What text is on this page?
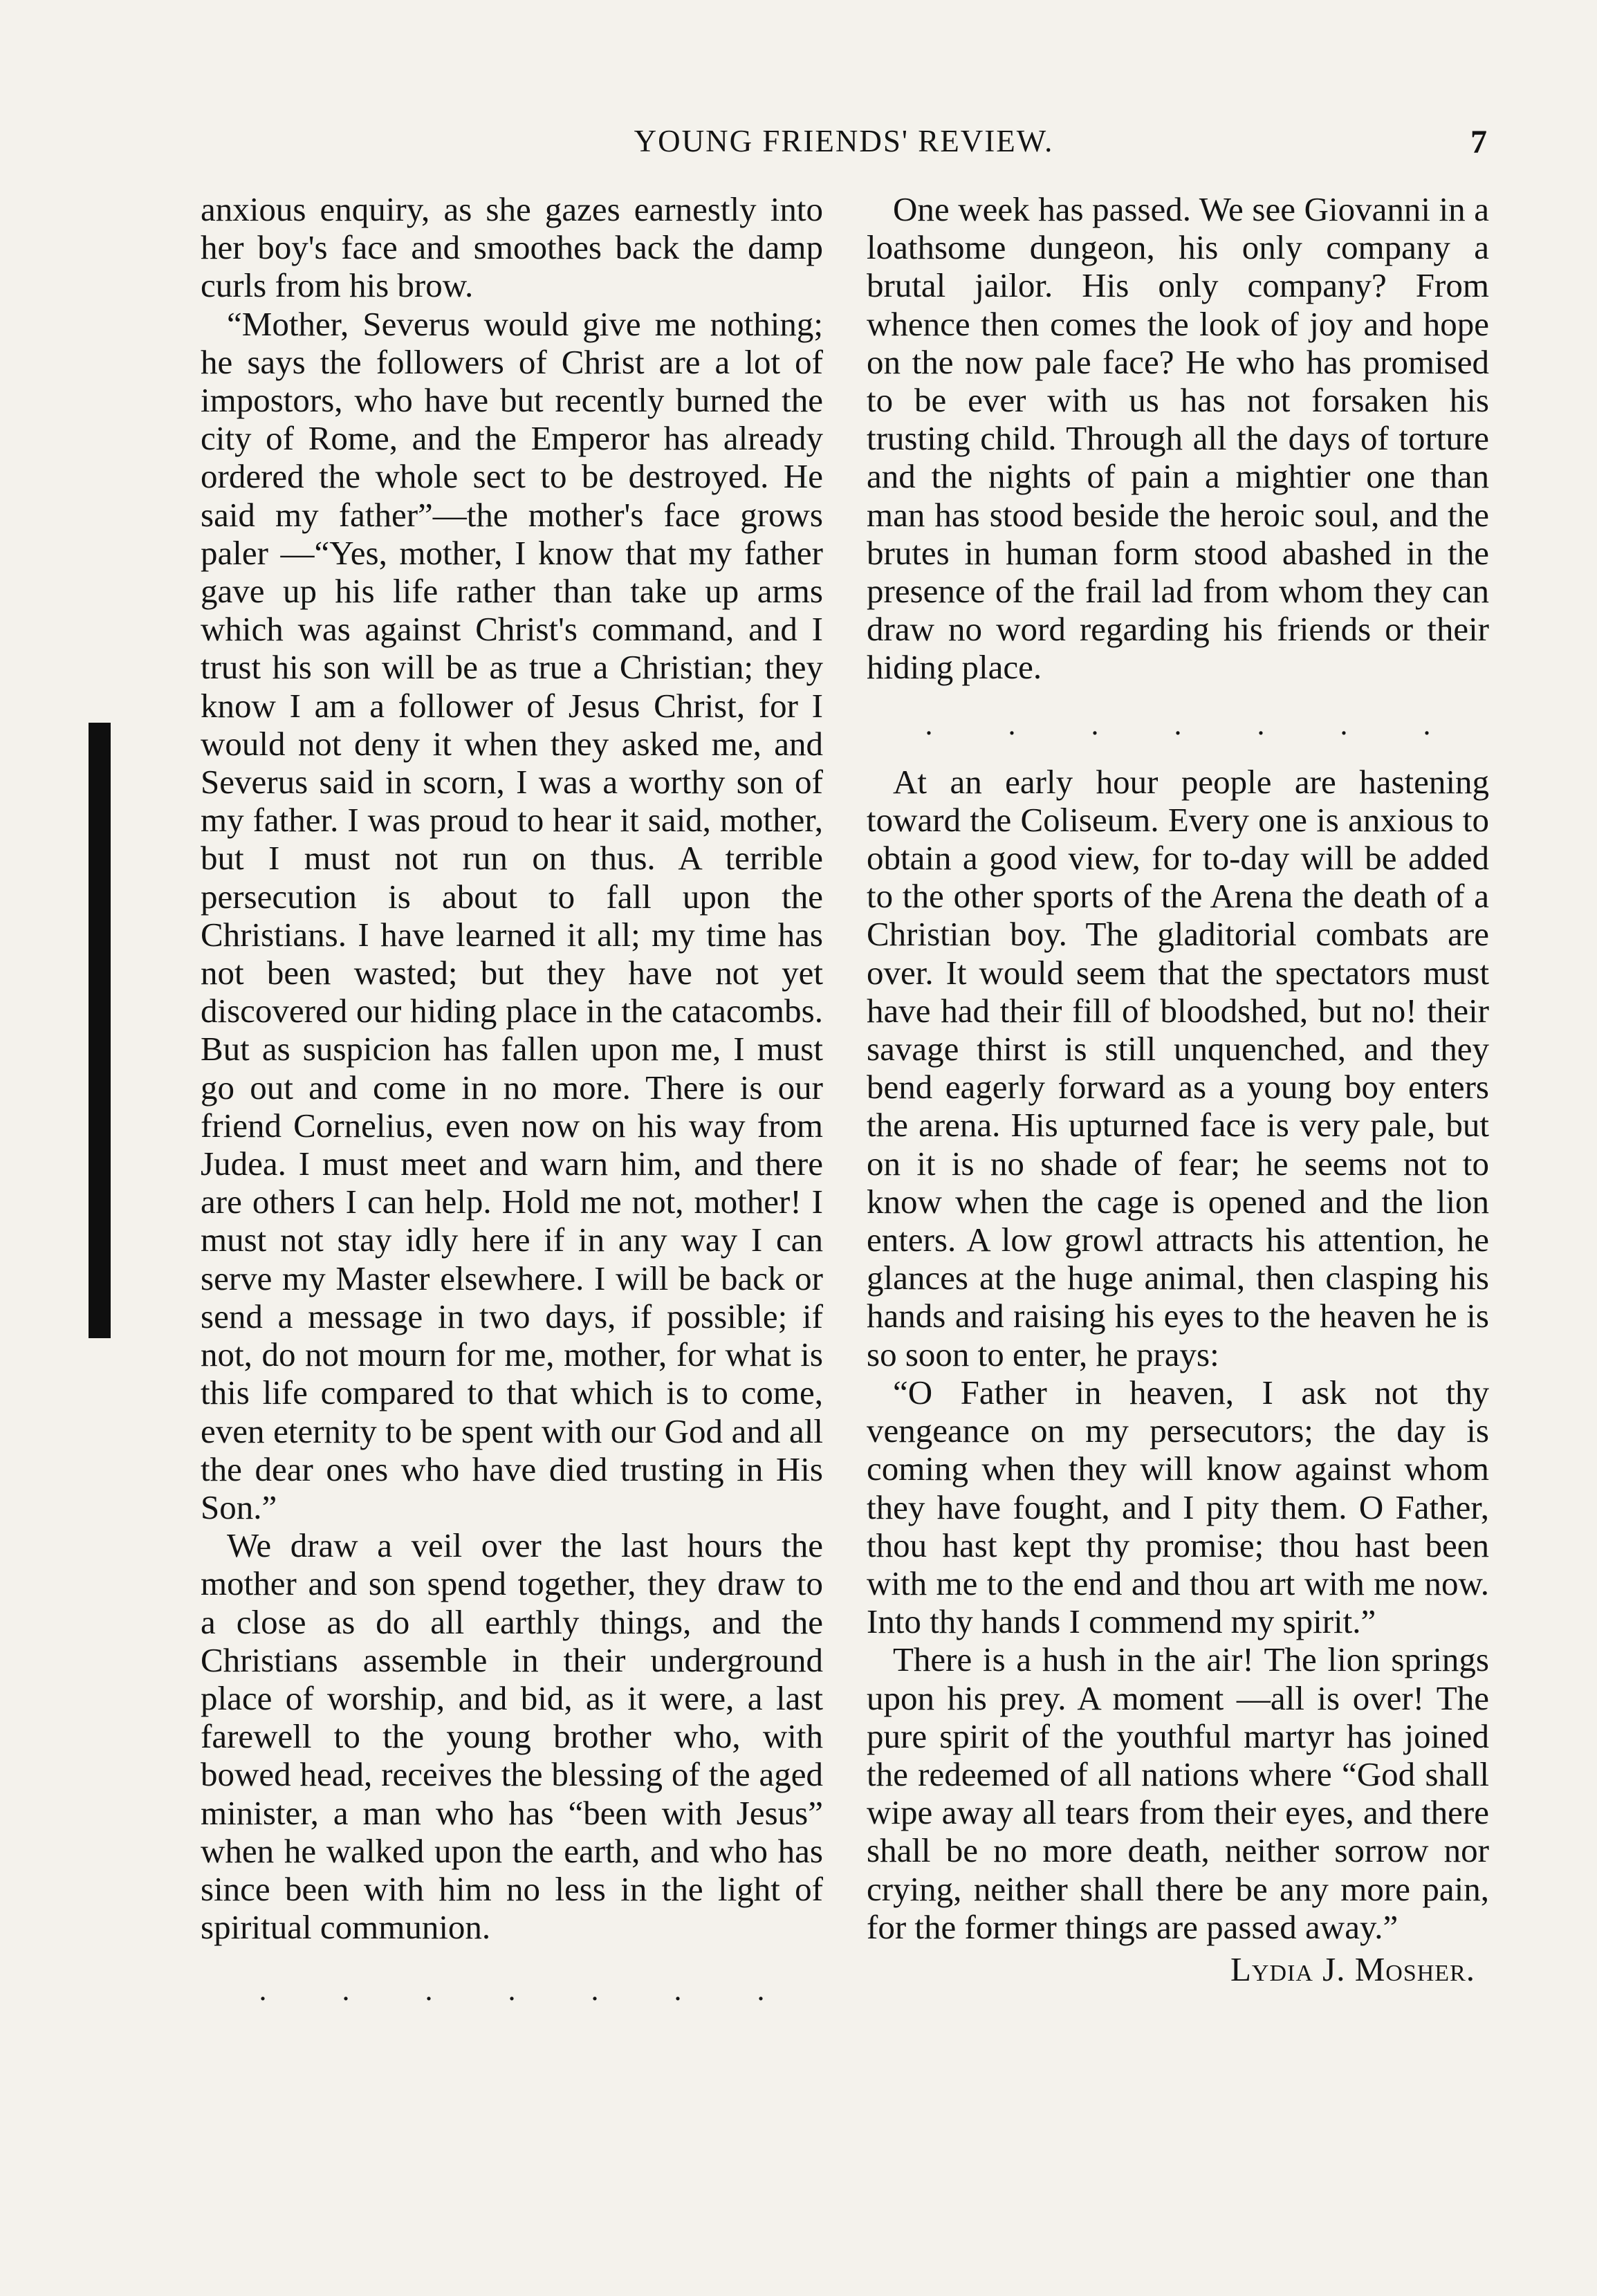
YOUNG FRIENDS' REVIEW.	7

anxious enquiry, as she gazes earnestly into her boy's face and smoothes back the damp curls from his brow.

“Mother, Severus would give me nothing; he says the followers of Christ are a lot of impostors, who have but recently burned the city of Rome, and the Emperor has already ordered the whole sect to be destroyed. He said my father”—the mother's face grows paler —“Yes, mother, I know that my father gave up his life rather than take up arms which was against Christ's command, and I trust his son will be as true a Christian; they know I am a follower of Jesus Christ, for I would not deny it when they asked me, and Severus said in scorn, I was a worthy son of my father. I was proud to hear it said, mother, but I must not run on thus. A terrible persecution is about to fall upon the Christians. I have learned it all; my time has not been wasted; but they have not yet discovered our hiding place in the catacombs. But as suspicion has fallen upon me, I must go out and come in no more. There is our friend Cornelius, even now on his way from Judea. I must meet and warn him, and there are others I can help. Hold me not, mother! I must not stay idly here if in any way I can serve my Master elsewhere. I will be back or send a message in two days, if possible; if not, do not mourn for me, mother, for what is this life compared to that which is to come, even eternity to be spent with our God and all the dear ones who have died trusting in His Son.”

We draw a veil over the last hours the mother and son spend together, they draw to a close as do all earthly things, and the Christians assemble in their underground place of worship, and bid, as it were, a last farewell to the young brother who, with bowed head, receives the blessing of the aged minister, a man who has “been with Jesus” when he walked upon the earth, and who has since been with him no less in the light of spiritual communion.

. . . . . . .

One week has passed. We see Giovanni in a loathsome dungeon, his only company a brutal jailor. His only company? From whence then comes the look of joy and hope on the now pale face? He who has promised to be ever with us has not forsaken his trusting child. Through all the days of torture and the nights of pain a mightier one than man has stood beside the heroic soul, and the brutes in human form stood abashed in the presence of the frail lad from whom they can draw no word regarding his friends or their hiding place.

. . . . . . .

At an early hour people are hastening toward the Coliseum. Every one is anxious to obtain a good view, for to-day will be added to the other sports of the Arena the death of a Christian boy. The gladitorial combats are over. It would seem that the spectators must have had their fill of bloodshed, but no! their savage thirst is still unquenched, and they bend eagerly forward as a young boy enters the arena. His upturned face is very pale, but on it is no shade of fear; he seems not to know when the cage is opened and the lion enters. A low growl attracts his attention, he glances at the huge animal, then clasping his hands and raising his eyes to the heaven he is so soon to enter, he prays:

“O Father in heaven, I ask not thy vengeance on my persecutors; the day is coming when they will know against whom they have fought, and I pity them. O Father, thou hast kept thy promise; thou hast been with me to the end and thou art with me now. Into thy hands I commend my spirit.”

There is a hush in the air! The lion springs upon his prey. A moment —all is over! The pure spirit of the youthful martyr has joined the redeemed of all nations where “God shall wipe away all tears from their eyes, and there shall be no more death, neither sorrow nor crying, neither shall there be any more pain, for the former things are passed away.”

Lydia J. Mosher.
